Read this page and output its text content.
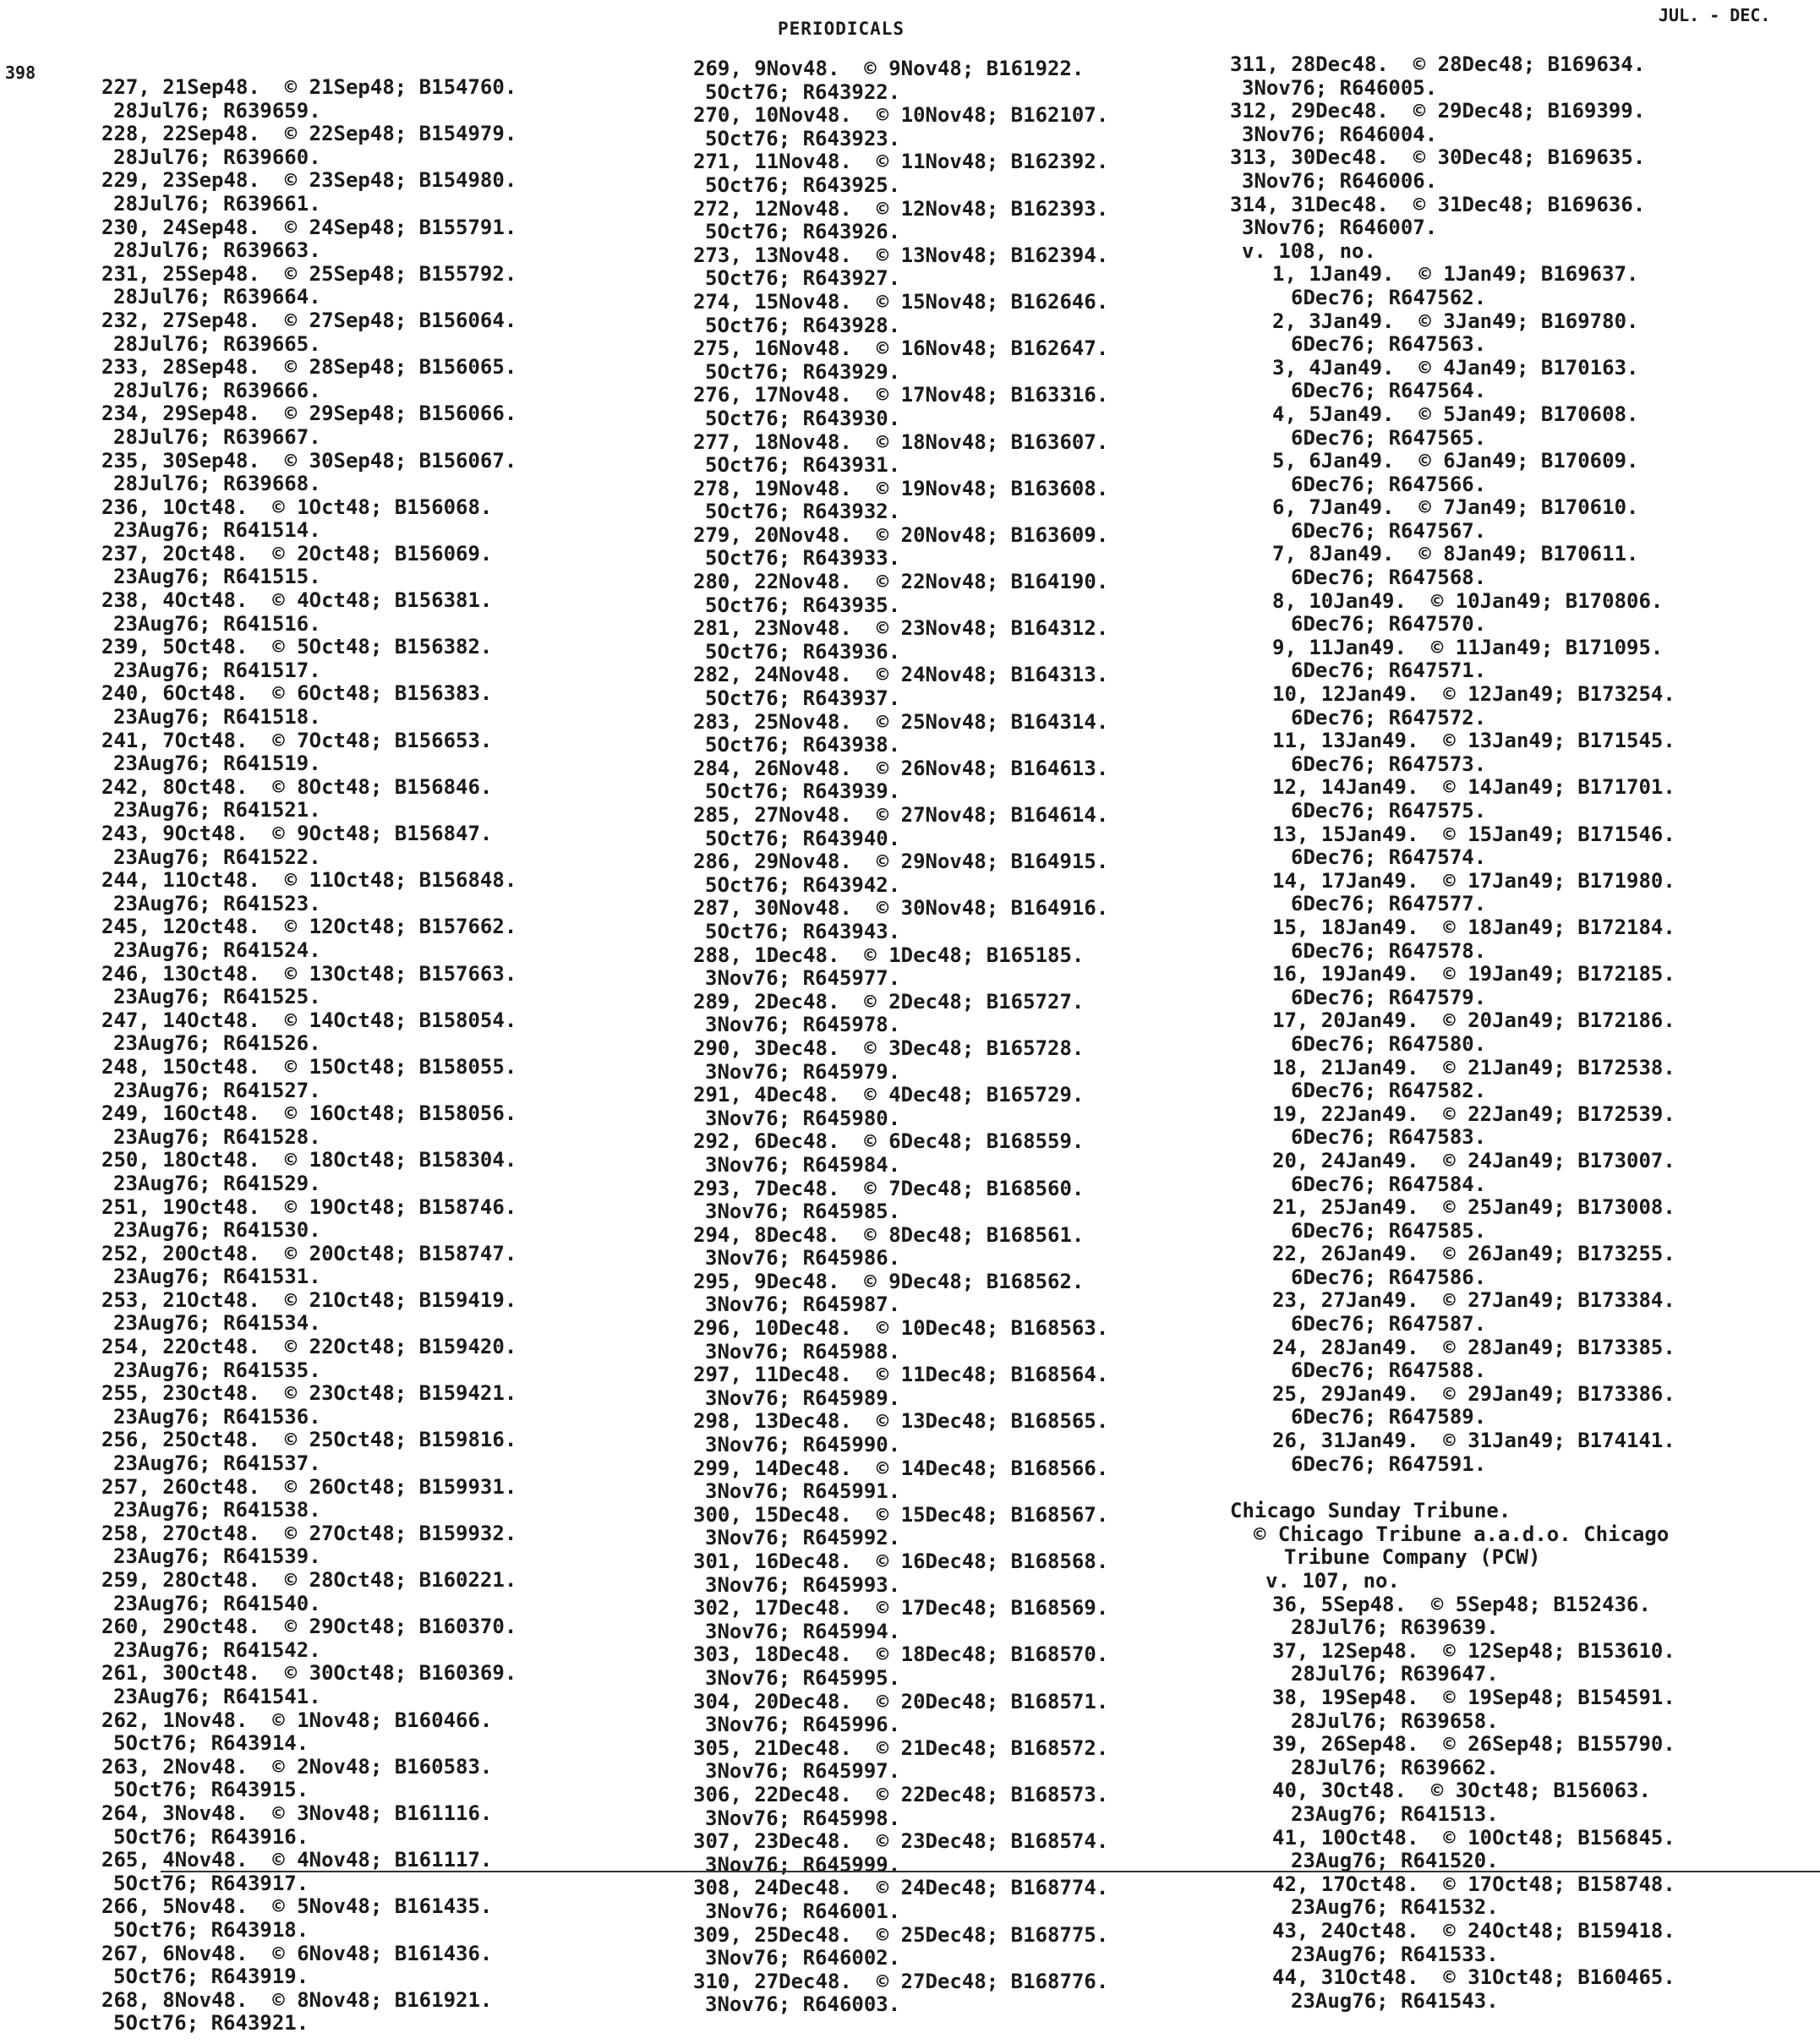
398
PERIODICALS
JUL. - DEC.
227, 21Sep48.  © 21Sep48; B154760.
28Jul76; R639659.
228, 22Sep48.  © 22Sep48; B154979.
28Jul76; R639660.
229, 23Sep48.  © 23Sep48; B154980.
28Jul76; R639661.
230, 24Sep48.  © 24Sep48; B155791.
28Jul76; R639663.
231, 25Sep48.  © 25Sep48; B155792.
28Jul76; R639664.
232, 27Sep48.  © 27Sep48; B156064.
28Jul76; R639665.
233, 28Sep48.  © 28Sep48; B156065.
28Jul76; R639666.
234, 29Sep48.  © 29Sep48; B156066.
28Jul76; R639667.
235, 30Sep48.  © 30Sep48; B156067.
28Jul76; R639668.
236, 1Oct48.  © 1Oct48; B156068.
23Aug76; R641514.
237, 2Oct48.  © 2Oct48; B156069.
23Aug76; R641515.
238, 4Oct48.  © 4Oct48; B156381.
23Aug76; R641516.
239, 5Oct48.  © 5Oct48; B156382.
23Aug76; R641517.
240, 6Oct48.  © 6Oct48; B156383.
23Aug76; R641518.
241, 7Oct48.  © 7Oct48; B156653.
23Aug76; R641519.
242, 8Oct48.  © 8Oct48; B156846.
23Aug76; R641521.
243, 9Oct48.  © 9Oct48; B156847.
23Aug76; R641522.
244, 11Oct48.  © 11Oct48; B156848.
23Aug76; R641523.
245, 12Oct48.  © 12Oct48; B157662.
23Aug76; R641524.
246, 13Oct48.  © 13Oct48; B157663.
23Aug76; R641525.
247, 14Oct48.  © 14Oct48; B158054.
23Aug76; R641526.
248, 15Oct48.  © 15Oct48; B158055.
23Aug76; R641527.
249, 16Oct48.  © 16Oct48; B158056.
23Aug76; R641528.
250, 18Oct48.  © 18Oct48; B158304.
23Aug76; R641529.
251, 19Oct48.  © 19Oct48; B158746.
23Aug76; R641530.
252, 20Oct48.  © 20Oct48; B158747.
23Aug76; R641531.
253, 21Oct48.  © 21Oct48; B159419.
23Aug76; R641534.
254, 22Oct48.  © 22Oct48; B159420.
23Aug76; R641535.
255, 23Oct48.  © 23Oct48; B159421.
23Aug76; R641536.
256, 25Oct48.  © 25Oct48; B159816.
23Aug76; R641537.
257, 26Oct48.  © 26Oct48; B159931.
23Aug76; R641538.
258, 27Oct48.  © 27Oct48; B159932.
23Aug76; R641539.
259, 28Oct48.  © 28Oct48; B160221.
23Aug76; R641540.
260, 29Oct48.  © 29Oct48; B160370.
23Aug76; R641542.
261, 30Oct48.  © 30Oct48; B160369.
23Aug76; R641541.
262, 1Nov48.  © 1Nov48; B160466.
5Oct76; R643914.
263, 2Nov48.  © 2Nov48; B160583.
5Oct76; R643915.
264, 3Nov48.  © 3Nov48; B161116.
5Oct76; R643916.
265, 4Nov48.  © 4Nov48; B161117.
5Oct76; R643917.
266, 5Nov48.  © 5Nov48; B161435.
5Oct76; R643918.
267, 6Nov48.  © 6Nov48; B161436.
5Oct76; R643919.
268, 8Nov48.  © 8Nov48; B161921.
5Oct76; R643921.
269, 9Nov48.  © 9Nov48; B161922.
5Oct76; R643922.
270, 10Nov48.  © 10Nov48; B162107.
5Oct76; R643923.
271, 11Nov48.  © 11Nov48; B162392.
5Oct76; R643925.
272, 12Nov48.  © 12Nov48; B162393.
5Oct76; R643926.
273, 13Nov48.  © 13Nov48; B162394.
5Oct76; R643927.
274, 15Nov48.  © 15Nov48; B162646.
5Oct76; R643928.
275, 16Nov48.  © 16Nov48; B162647.
5Oct76; R643929.
276, 17Nov48.  © 17Nov48; B163316.
5Oct76; R643930.
277, 18Nov48.  © 18Nov48; B163607.
5Oct76; R643931.
278, 19Nov48.  © 19Nov48; B163608.
5Oct76; R643932.
279, 20Nov48.  © 20Nov48; B163609.
5Oct76; R643933.
280, 22Nov48.  © 22Nov48; B164190.
5Oct76; R643935.
281, 23Nov48.  © 23Nov48; B164312.
5Oct76; R643936.
282, 24Nov48.  © 24Nov48; B164313.
5Oct76; R643937.
283, 25Nov48.  © 25Nov48; B164314.
5Oct76; R643938.
284, 26Nov48.  © 26Nov48; B164613.
5Oct76; R643939.
285, 27Nov48.  © 27Nov48; B164614.
5Oct76; R643940.
286, 29Nov48.  © 29Nov48; B164915.
5Oct76; R643942.
287, 30Nov48.  © 30Nov48; B164916.
5Oct76; R643943.
288, 1Dec48.  © 1Dec48; B165185.
3Nov76; R645977.
289, 2Dec48.  © 2Dec48; B165727.
3Nov76; R645978.
290, 3Dec48.  © 3Dec48; B165728.
3Nov76; R645979.
291, 4Dec48.  © 4Dec48; B165729.
3Nov76; R645980.
292, 6Dec48.  © 6Dec48; B168559.
3Nov76; R645984.
293, 7Dec48.  © 7Dec48; B168560.
3Nov76; R645985.
294, 8Dec48.  © 8Dec48; B168561.
3Nov76; R645986.
295, 9Dec48.  © 9Dec48; B168562.
3Nov76; R645987.
296, 10Dec48.  © 10Dec48; B168563.
3Nov76; R645988.
297, 11Dec48.  © 11Dec48; B168564.
3Nov76; R645989.
298, 13Dec48.  © 13Dec48; B168565.
3Nov76; R645990.
299, 14Dec48.  © 14Dec48; B168566.
3Nov76; R645991.
300, 15Dec48.  © 15Dec48; B168567.
3Nov76; R645992.
301, 16Dec48.  © 16Dec48; B168568.
3Nov76; R645993.
302, 17Dec48.  © 17Dec48; B168569.
3Nov76; R645994.
303, 18Dec48.  © 18Dec48; B168570.
3Nov76; R645995.
304, 20Dec48.  © 20Dec48; B168571.
3Nov76; R645996.
305, 21Dec48.  © 21Dec48; B168572.
3Nov76; R645997.
306, 22Dec48.  © 22Dec48; B168573.
3Nov76; R645998.
307, 23Dec48.  © 23Dec48; B168574.
3Nov76; R645999.
308, 24Dec48.  © 24Dec48; B168774.
3Nov76; R646001.
309, 25Dec48.  © 25Dec48; B168775.
3Nov76; R646002.
310, 27Dec48.  © 27Dec48; B168776.
3Nov76; R646003.
311, 28Dec48.  © 28Dec48; B169634.
3Nov76; R646005.
312, 29Dec48.  © 29Dec48; B169399.
3Nov76; R646004.
313, 30Dec48.  © 30Dec48; B169635.
3Nov76; R646006.
314, 31Dec48.  © 31Dec48; B169636.
3Nov76; R646007.
v. 108, no.
1, 1Jan49.  © 1Jan49; B169637.
6Dec76; R647562.
2, 3Jan49.  © 3Jan49; B169780.
6Dec76; R647563.
3, 4Jan49.  © 4Jan49; B170163.
6Dec76; R647564.
4, 5Jan49.  © 5Jan49; B170608.
6Dec76; R647565.
5, 6Jan49.  © 6Jan49; B170609.
6Dec76; R647566.
6, 7Jan49.  © 7Jan49; B170610.
6Dec76; R647567.
7, 8Jan49.  © 8Jan49; B170611.
6Dec76; R647568.
8, 10Jan49.  © 10Jan49; B170806.
6Dec76; R647570.
9, 11Jan49.  © 11Jan49; B171095.
6Dec76; R647571.
10, 12Jan49.  © 12Jan49; B173254.
6Dec76; R647572.
11, 13Jan49.  © 13Jan49; B171545.
6Dec76; R647573.
12, 14Jan49.  © 14Jan49; B171701.
6Dec76; R647575.
13, 15Jan49.  © 15Jan49; B171546.
6Dec76; R647574.
14, 17Jan49.  © 17Jan49; B171980.
6Dec76; R647577.
15, 18Jan49.  © 18Jan49; B172184.
6Dec76; R647578.
16, 19Jan49.  © 19Jan49; B172185.
6Dec76; R647579.
17, 20Jan49.  © 20Jan49; B172186.
6Dec76; R647580.
18, 21Jan49.  © 21Jan49; B172538.
6Dec76; R647582.
19, 22Jan49.  © 22Jan49; B172539.
6Dec76; R647583.
20, 24Jan49.  © 24Jan49; B173007.
6Dec76; R647584.
21, 25Jan49.  © 25Jan49; B173008.
6Dec76; R647585.
22, 26Jan49.  © 26Jan49; B173255.
6Dec76; R647586.
23, 27Jan49.  © 27Jan49; B173384.
6Dec76; R647587.
24, 28Jan49.  © 28Jan49; B173385.
6Dec76; R647588.
25, 29Jan49.  © 29Jan49; B173386.
6Dec76; R647589.
26, 31Jan49.  © 31Jan49; B174141.
6Dec76; R647591.
Chicago Sunday Tribune.
© Chicago Tribune a.a.d.o. Chicago
Tribune Company (PCW)
v. 107, no.
36, 5Sep48.  © 5Sep48; B152436.
28Jul76; R639639.
37, 12Sep48.  © 12Sep48; B153610.
28Jul76; R639647.
38, 19Sep48.  © 19Sep48; B154591.
28Jul76; R639658.
39, 26Sep48.  © 26Sep48; B155790.
28Jul76; R639662.
40, 3Oct48.  © 3Oct48; B156063.
23Aug76; R641513.
41, 10Oct48.  © 10Oct48; B156845.
23Aug76; R641520.
42, 17Oct48.  © 17Oct48; B158748.
23Aug76; R641532.
43, 24Oct48.  © 24Oct48; B159418.
23Aug76; R641533.
44, 31Oct48.  © 31Oct48; B160465.
23Aug76; R641543.
